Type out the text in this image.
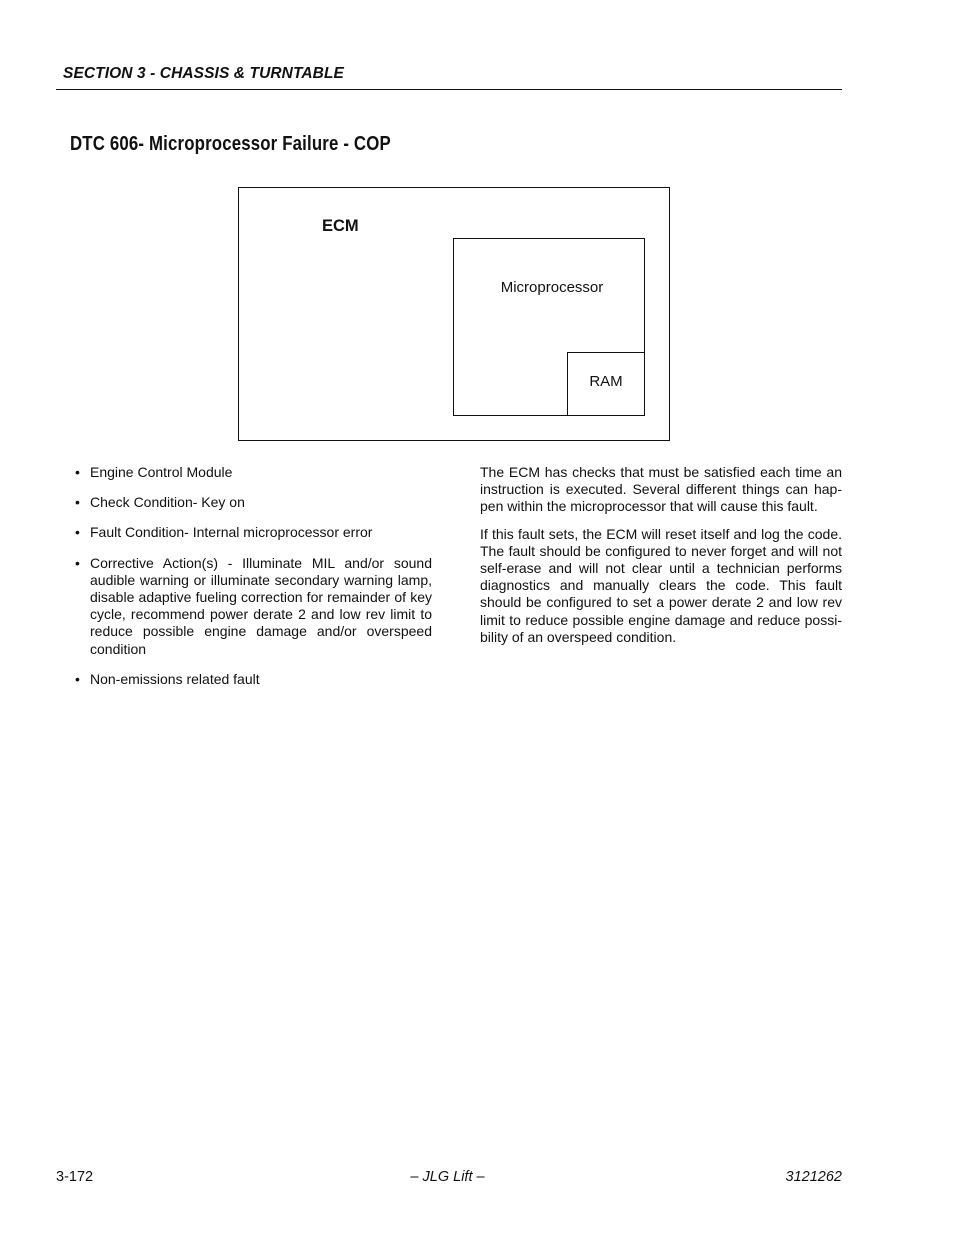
SECTION 3 - CHASSIS & TURNTABLE
DTC 606- Microprocessor Failure - COP
ECM
Microprocessor
RAM
• Engine Control Module
• Check Condition- Key on
• Fault Condition- Internal microprocessor error
• Corrective Action(s) - Illuminate MIL and/or sound audible warning or illuminate secondary warning lamp, disable adaptive fueling correction for remainder of key cycle, recommend power derate 2 and low rev limit to reduce possible engine damage and/or overspeed condition
• Non-emissions related fault

The ECM has checks that must be satisfied each time an instruction is executed. Several different things can happen within the microprocessor that will cause this fault.

If this fault sets, the ECM will reset itself and log the code. The fault should be configured to never forget and will not self-erase and will not clear until a technician performs diagnostics and manually clears the code. This fault should be configured to set a power derate 2 and low rev limit to reduce possible engine damage and reduce possibility of an overspeed condition.

3-172	– JLG Lift –	3121262
